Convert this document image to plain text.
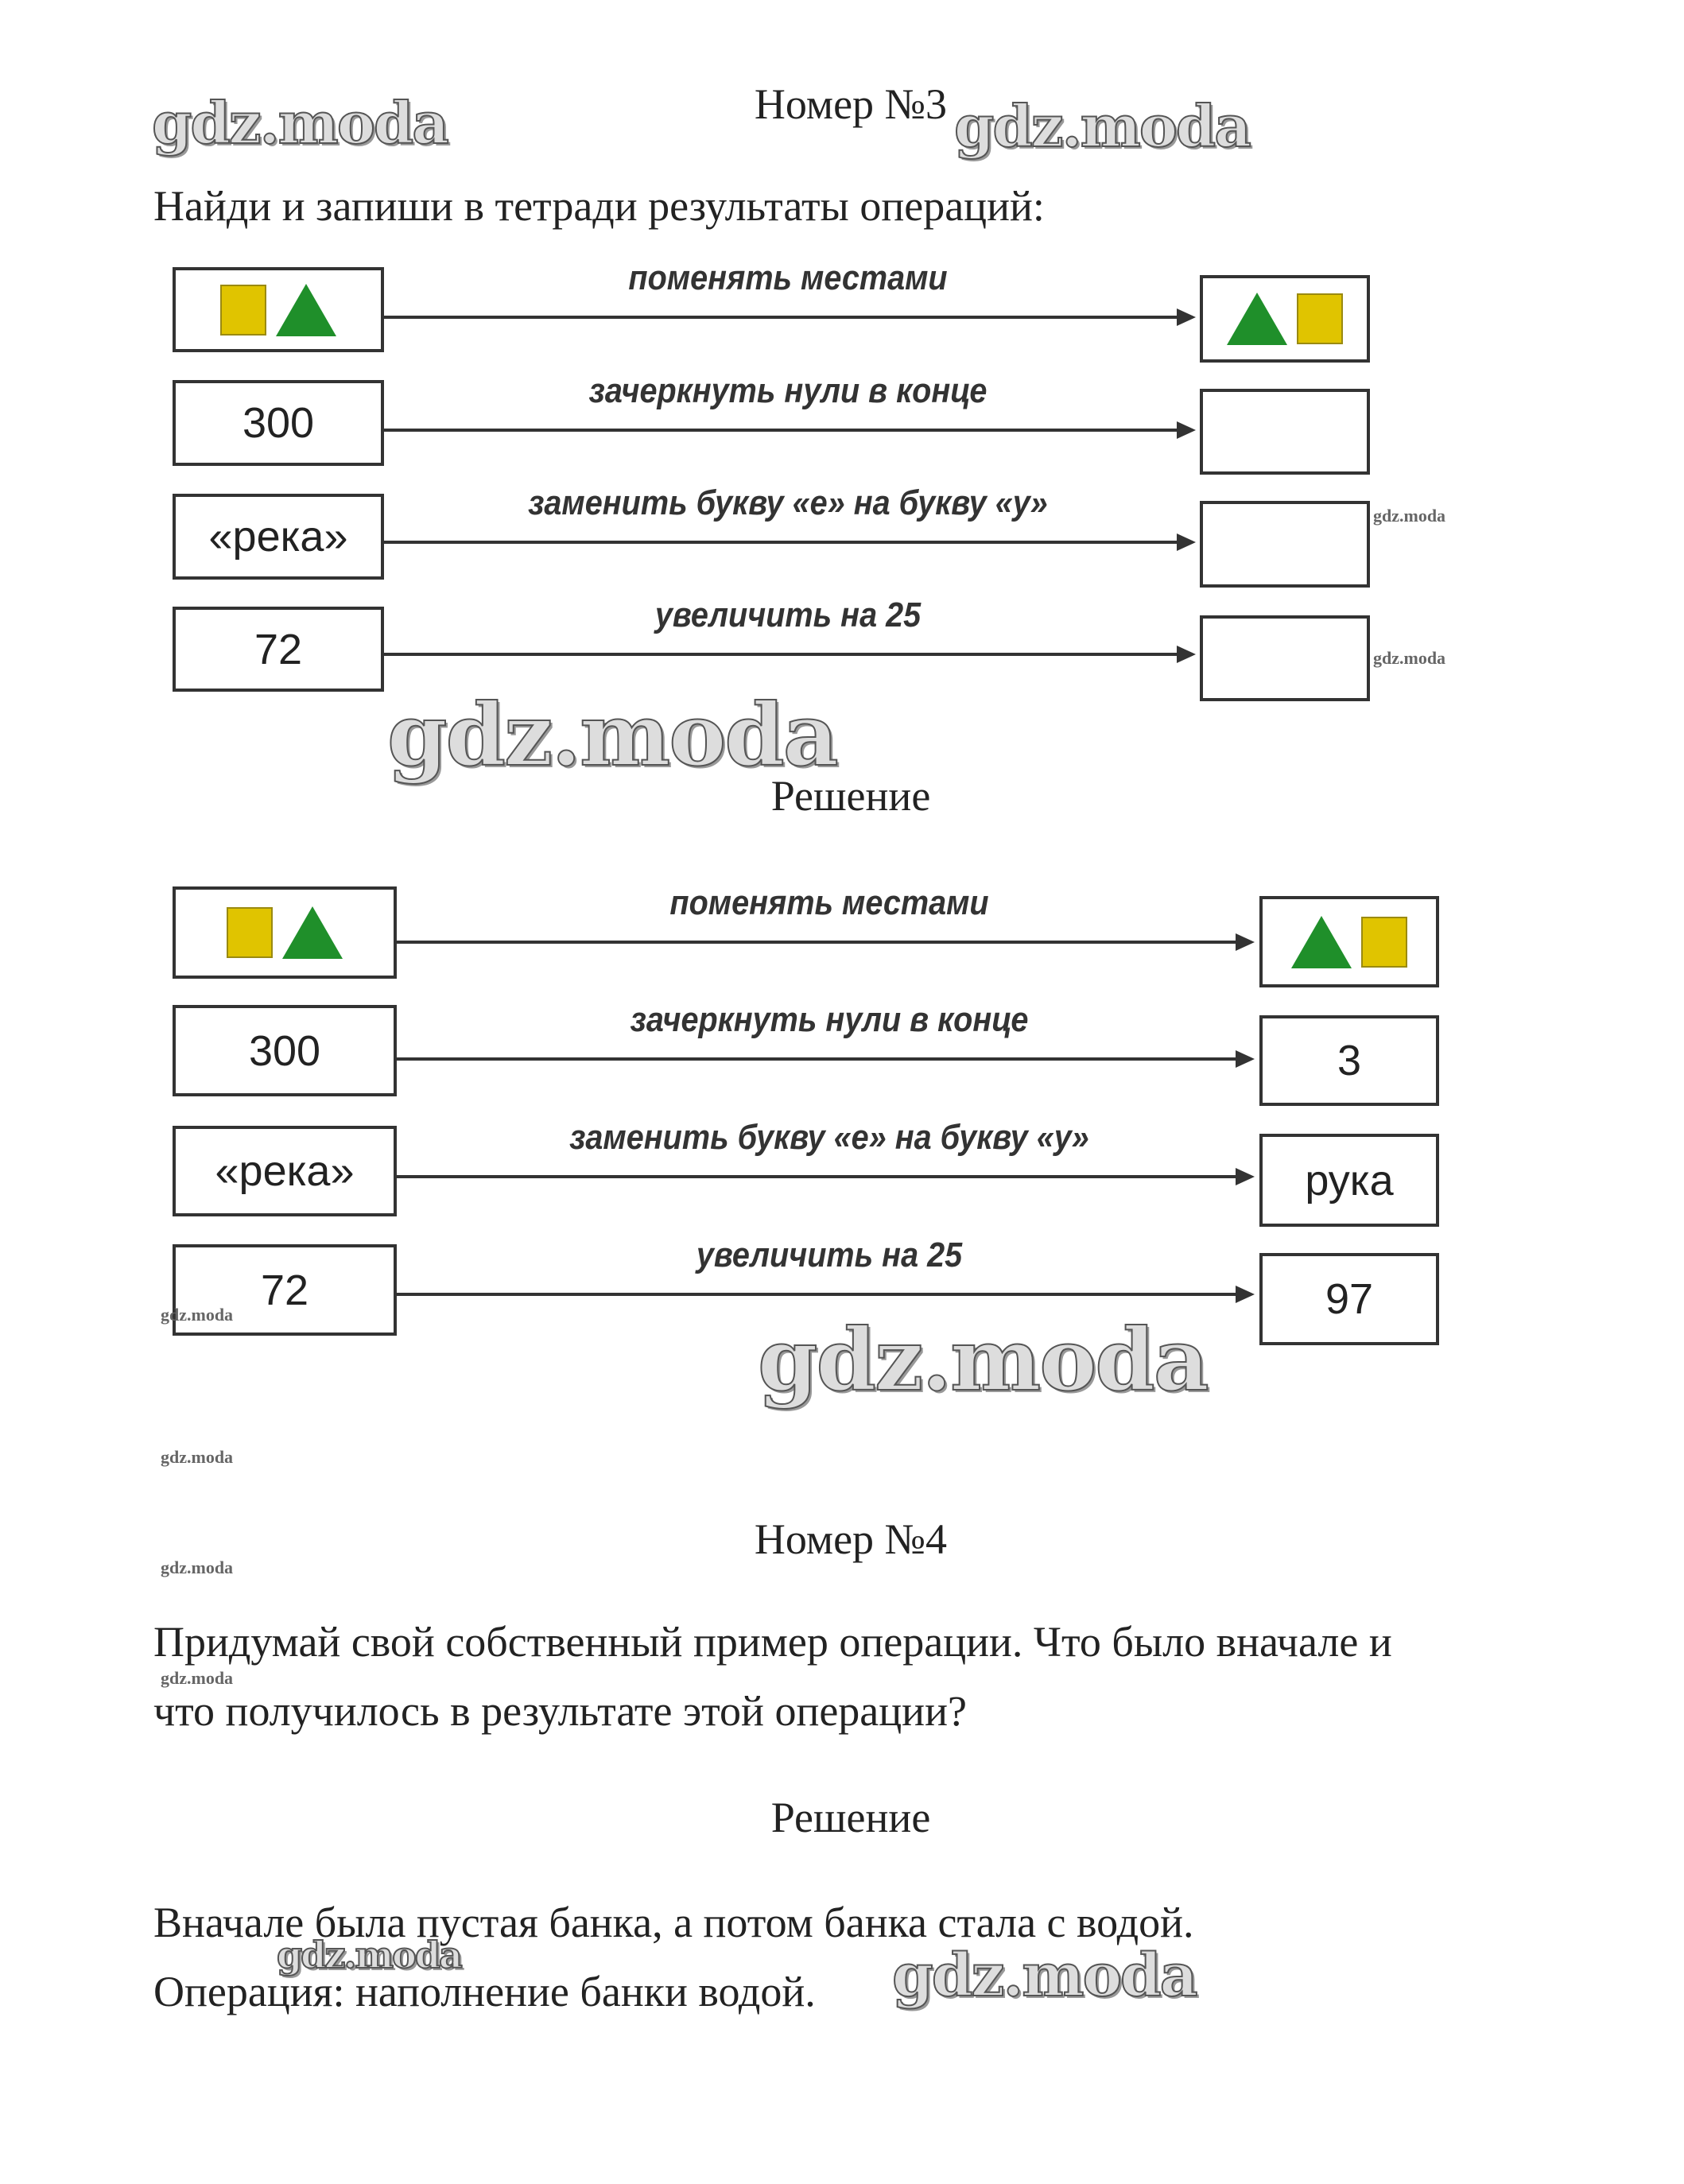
gdz.moda	gdz.moda
gdz.moda
gdz.moda
gdz.moda	gdz.moda
gdz.moda
gdz.moda
gdz.moda
gdz.moda
gdz.moda
gdz.moda
Номер №3
Найди и запиши в тетради результаты операций:
поменять местами
300
зачеркнуть нули в конце
«река»
заменить букву «е» на букву «у»
72
увеличить на 25
Решение
поменять местами
300
зачеркнуть нули в конце
3
«река»
заменить букву «е» на букву «у»
рука
72
увеличить на 25
97
Номер №4
Придумай свой собственный пример операции. Что было вначале и
что получилось в результате этой операции?
Решение
Вначале была пустая банка, а потом банка стала с водой.
Операция: наполнение банки водой.
